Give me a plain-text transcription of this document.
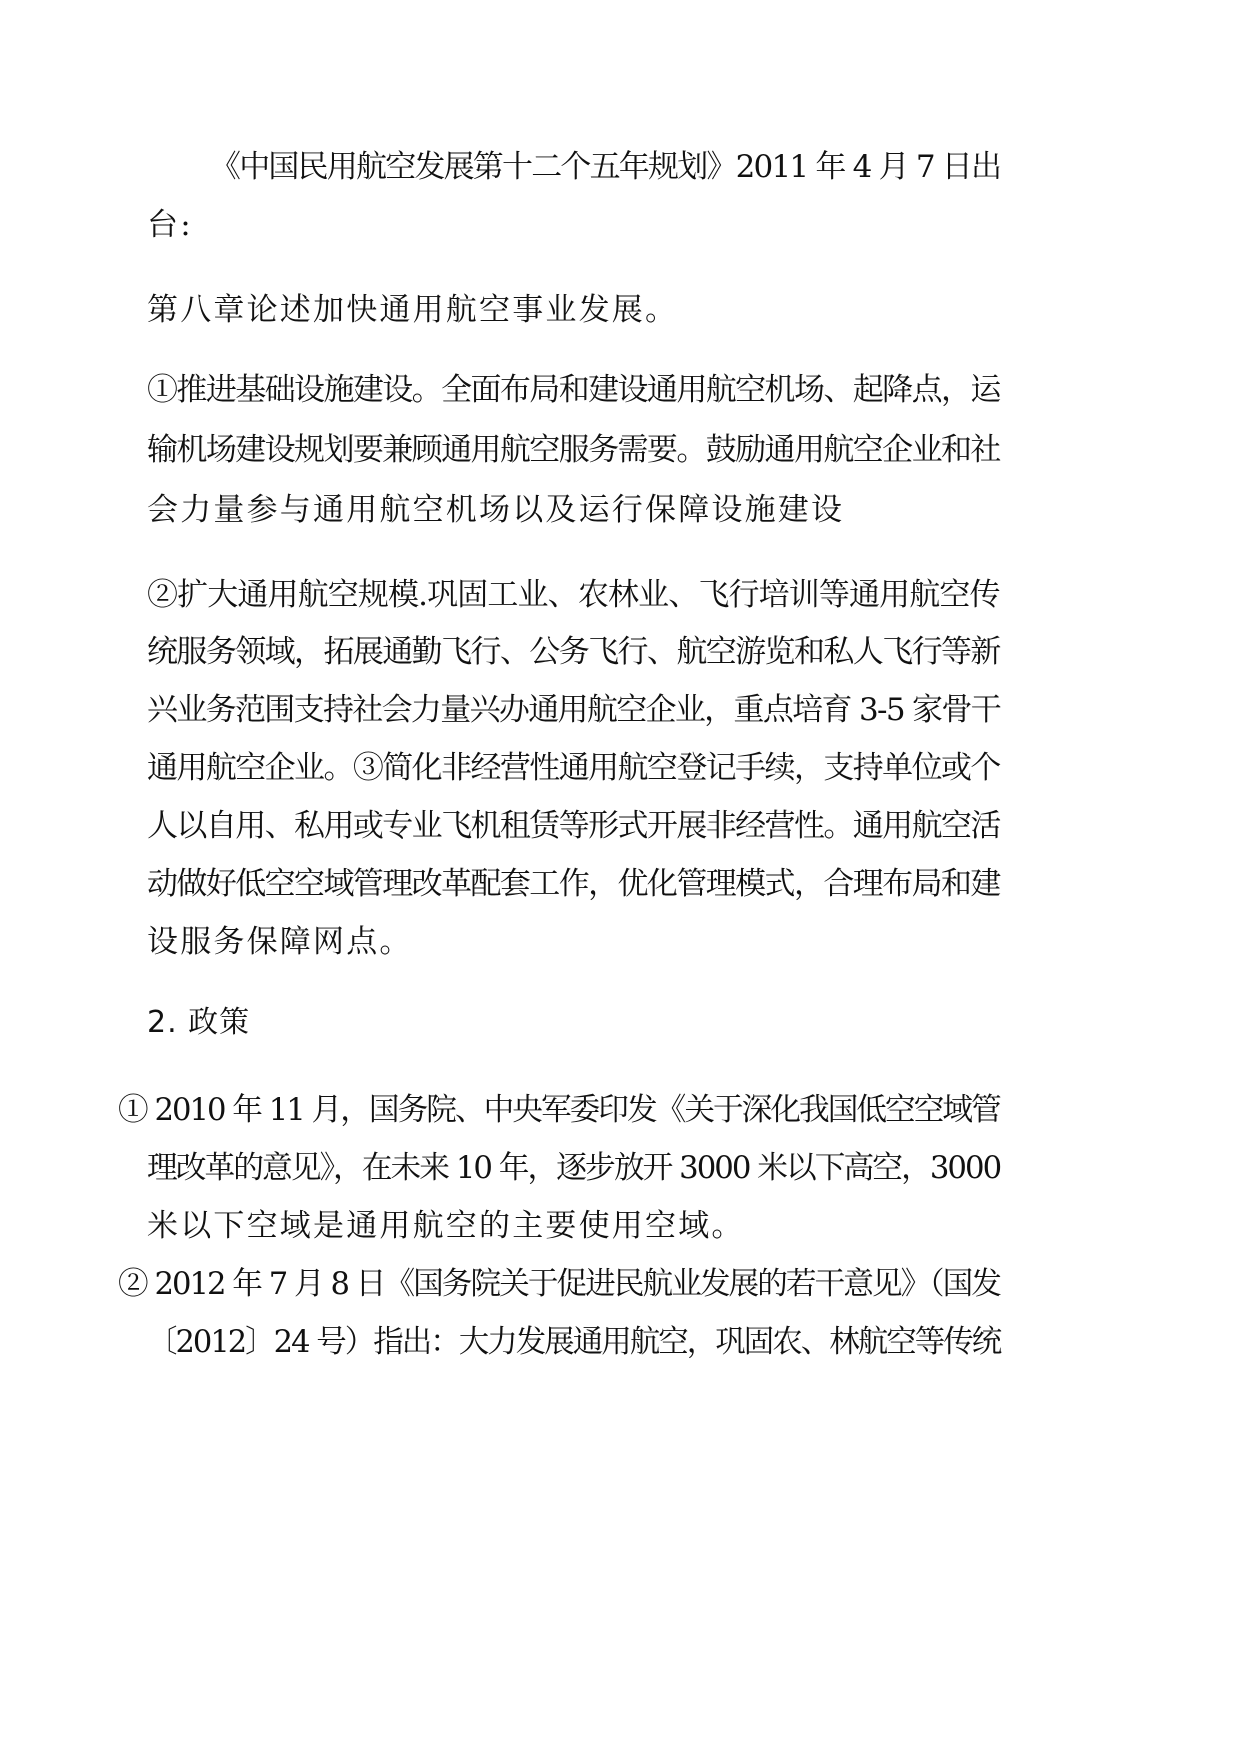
《中国民用航空发展第十二个五年规划》2011 年 4 月 7 日出
台:
第八章论述加快通用航空事业发展。
①推进基础设施建设。全面布局和建设通用航空机场、起降点，运
输机场建设规划要兼顾通用航空服务需要。鼓励通用航空企业和社
会力量参与通用航空机场以及运行保障设施建设
②扩大通用航空规模.巩固工业、农林业、飞行培训等通用航空传
统服务领域，拓展通勤飞行、公务飞行、航空游览和私人飞行等新
兴业务范围支持社会力量兴办通用航空企业，重点培育 3-5 家骨干
通用航空企业。③简化非经营性通用航空登记手续，支持单位或个
人以自用、私用或专业飞机租赁等形式开展非经营性。通用航空活
动做好低空空域管理改革配套工作，优化管理模式，合理布局和建
设服务保障网点。
2. 政策
① 2010 年 11 月，国务院、中央军委印发《关于深化我国低空空域管
理改革的意见》，在未来 10 年，逐步放开 3000 米以下高空，3000
米以下空域是通用航空的主要使用空域。
② 2012 年 7 月 8 日《国务院关于促进民航业发展的若干意见》（国发
〔2012〕24 号）指出：大力发展通用航空，巩固农、林航空等传统
